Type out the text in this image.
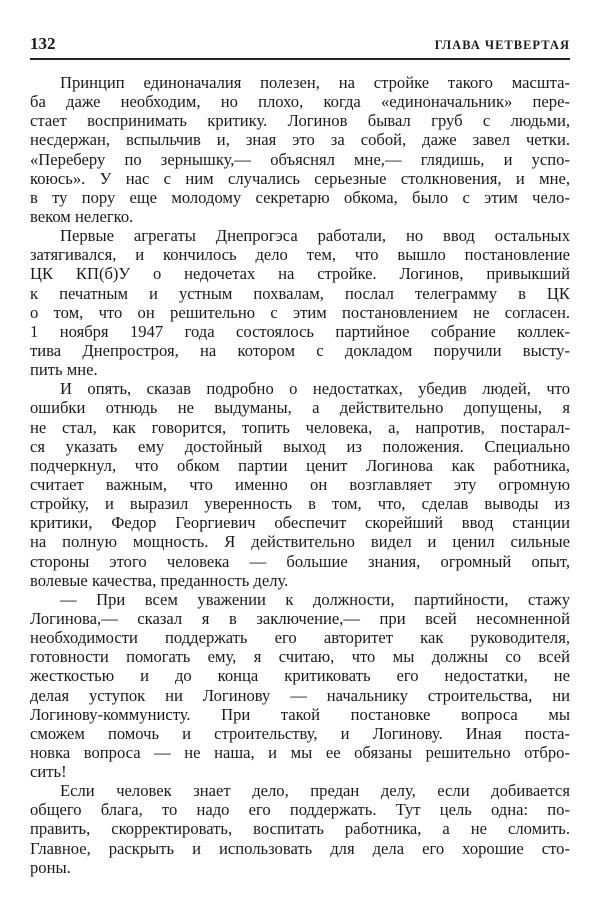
132	ГЛАВА ЧЕТВЕРТАЯ
Принцип единоначалия полезен, на стройке такого масшта-
ба даже необходим, но плохо, когда «единоначальник» пере-
стает воспринимать критику. Логинов бывал груб с людьми,
несдержан, вспыльчив и, зная это за собой, даже завел четки.
«Переберу по зернышку,— объяснял мне,— глядишь, и успо-
коюсь». У нас с ним случались серьезные столкновения, и мне,
в ту пору еще молодому секретарю обкома, было с этим чело-
веком нелегко.
Первые агрегаты Днепрогэса работали, но ввод остальных
затягивался, и кончилось дело тем, что вышло постановление
ЦК КП(б)У о недочетах на стройке. Логинов, привыкший
к печатным и устным похвалам, послал телеграмму в ЦК
о том, что он решительно с этим постановлением не согласен.
1 ноября 1947 года состоялось партийное собрание коллек-
тива Днепростроя, на котором с докладом поручили высту-
пить мне.
И опять, сказав подробно о недостатках, убедив людей, что
ошибки отнюдь не выдуманы, а действительно допущены, я
не стал, как говорится, топить человека, а, напротив, постарал-
ся указать ему достойный выход из положения. Специально
подчеркнул, что обком партии ценит Логинова как работника,
считает важным, что именно он возглавляет эту огромную
стройку, и выразил уверенность в том, что, сделав выводы из
критики, Федор Георгиевич обеспечит скорейший ввод станции
на полную мощность. Я действительно видел и ценил сильные
стороны этого человека — большие знания, огромный опыт,
волевые качества, преданность делу.
— При всем уважении к должности, партийности, стажу
Логинова,— сказал я в заключение,— при всей несомненной
необходимости поддержать его авторитет как руководителя,
готовности помогать ему, я считаю, что мы должны со всей
жесткостью и до конца критиковать его недостатки, не
делая уступок ни Логинову — начальнику строительства, ни
Логинову-коммунисту. При такой постановке вопроса мы
сможем помочь и строительству, и Логинову. Иная поста-
новка вопроса — не наша, и мы ее обязаны решительно отбро-
сить!
Если человек знает дело, предан делу, если добивается
общего блага, то надо его поддержать. Тут цель одна: по-
править, скорректировать, воспитать работника, а не сломить.
Главное, раскрыть и использовать для дела его хорошие сто-
роны.
